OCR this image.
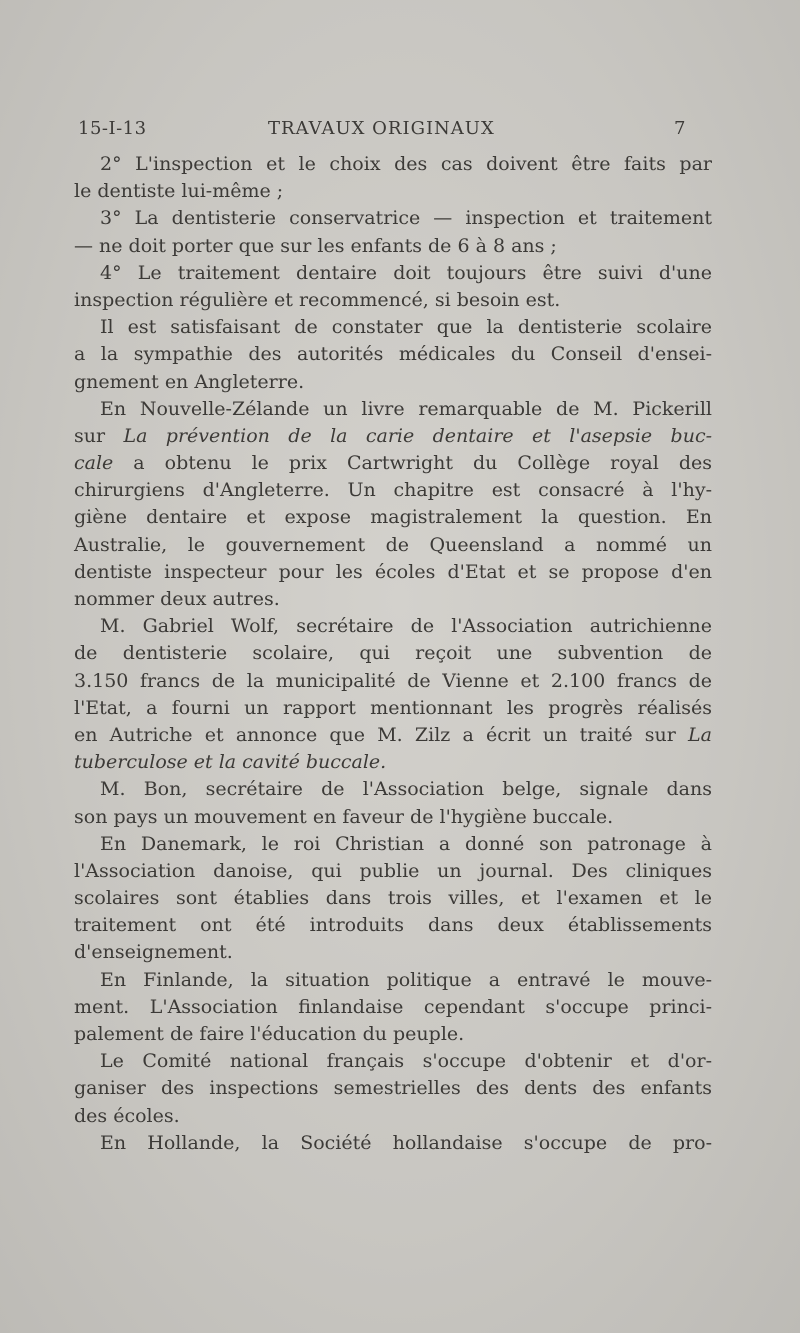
15-I-13	TRAVAUX ORIGINAUX	7
2° L'inspection et le choix des cas doivent être faits par
le dentiste lui-même ;
3° La dentisterie conservatrice — inspection et traitement
— ne doit porter que sur les enfants de 6 à 8 ans ;
4° Le traitement dentaire doit toujours être suivi d'une
inspection régulière et recommencé, si besoin est.
Il est satisfaisant de constater que la dentisterie scolaire
a la sympathie des autorités médicales du Conseil d'ensei-
gnement en Angleterre.
En Nouvelle-Zélande un livre remarquable de M. Pickerill
sur La prévention de la carie dentaire et l'asepsie buc-
cale a obtenu le prix Cartwright du Collège royal des
chirurgiens d'Angleterre. Un chapitre est consacré à l'hy-
giène dentaire et expose magistralement la question. En
Australie, le gouvernement de Queensland a nommé un
dentiste inspecteur pour les écoles d'Etat et se propose d'en
nommer deux autres.
M. Gabriel Wolf, secrétaire de l'Association autrichienne
de dentisterie scolaire, qui reçoit une subvention de
3.150 francs de la municipalité de Vienne et 2.100 francs de
l'Etat, a fourni un rapport mentionnant les progrès réalisés
en Autriche et annonce que M. Zilz a écrit un traité sur La
tuberculose et la cavité buccale.
M. Bon, secrétaire de l'Association belge, signale dans
son pays un mouvement en faveur de l'hygiène buccale.
En Danemark, le roi Christian a donné son patronage à
l'Association danoise, qui publie un journal. Des cliniques
scolaires sont établies dans trois villes, et l'examen et le
traitement ont été introduits dans deux établissements
d'enseignement.
En Finlande, la situation politique a entravé le mouve-
ment. L'Association finlandaise cependant s'occupe princi-
palement de faire l'éducation du peuple.
Le Comité national français s'occupe d'obtenir et d'or-
ganiser des inspections semestrielles des dents des enfants
des écoles.
En Hollande, la Société hollandaise s'occupe de pro-
